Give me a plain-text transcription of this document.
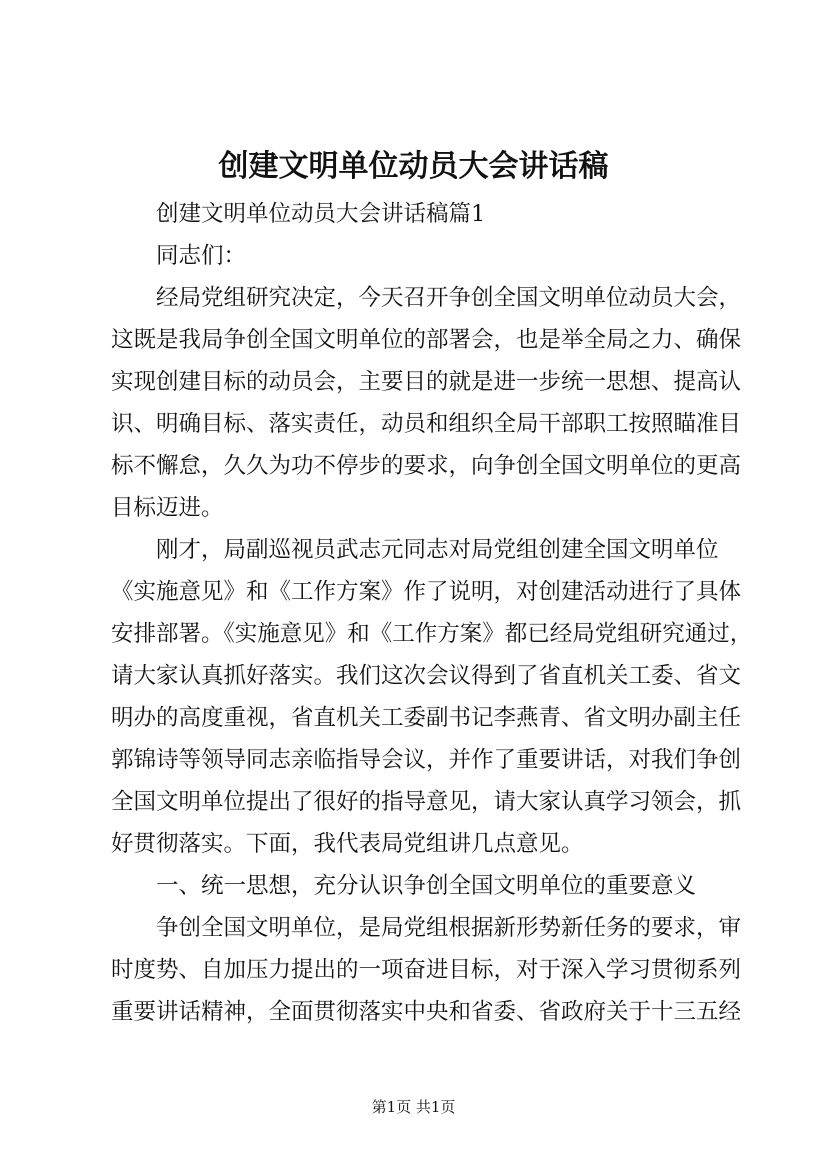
创建文明单位动员大会讲话稿
创建文明单位动员大会讲话稿篇1
同志们：
经局党组研究决定，今天召开争创全国文明单位动员大会，
这既是我局争创全国文明单位的部署会，也是举全局之力、确保
实现创建目标的动员会，主要目的就是进一步统一思想、提高认
识、明确目标、落实责任，动员和组织全局干部职工按照瞄准目
标不懈怠，久久为功不停步的要求，向争创全国文明单位的更高
目标迈进。
刚才，局副巡视员武志元同志对局党组创建全国文明单位
《实施意见》和《工作方案》作了说明，对创建活动进行了具体
安排部署。《实施意见》和《工作方案》都已经局党组研究通过，
请大家认真抓好落实。我们这次会议得到了省直机关工委、省文
明办的高度重视，省直机关工委副书记李燕青、省文明办副主任
郭锦诗等领导同志亲临指导会议，并作了重要讲话，对我们争创
全国文明单位提出了很好的指导意见，请大家认真学习领会，抓
好贯彻落实。下面，我代表局党组讲几点意见。
一、统一思想，充分认识争创全国文明单位的重要意义
争创全国文明单位，是局党组根据新形势新任务的要求，审
时度势、自加压力提出的一项奋进目标，对于深入学习贯彻系列
重要讲话精神，全面贯彻落实中央和省委、省政府关于十三五经
第1页 共1页
